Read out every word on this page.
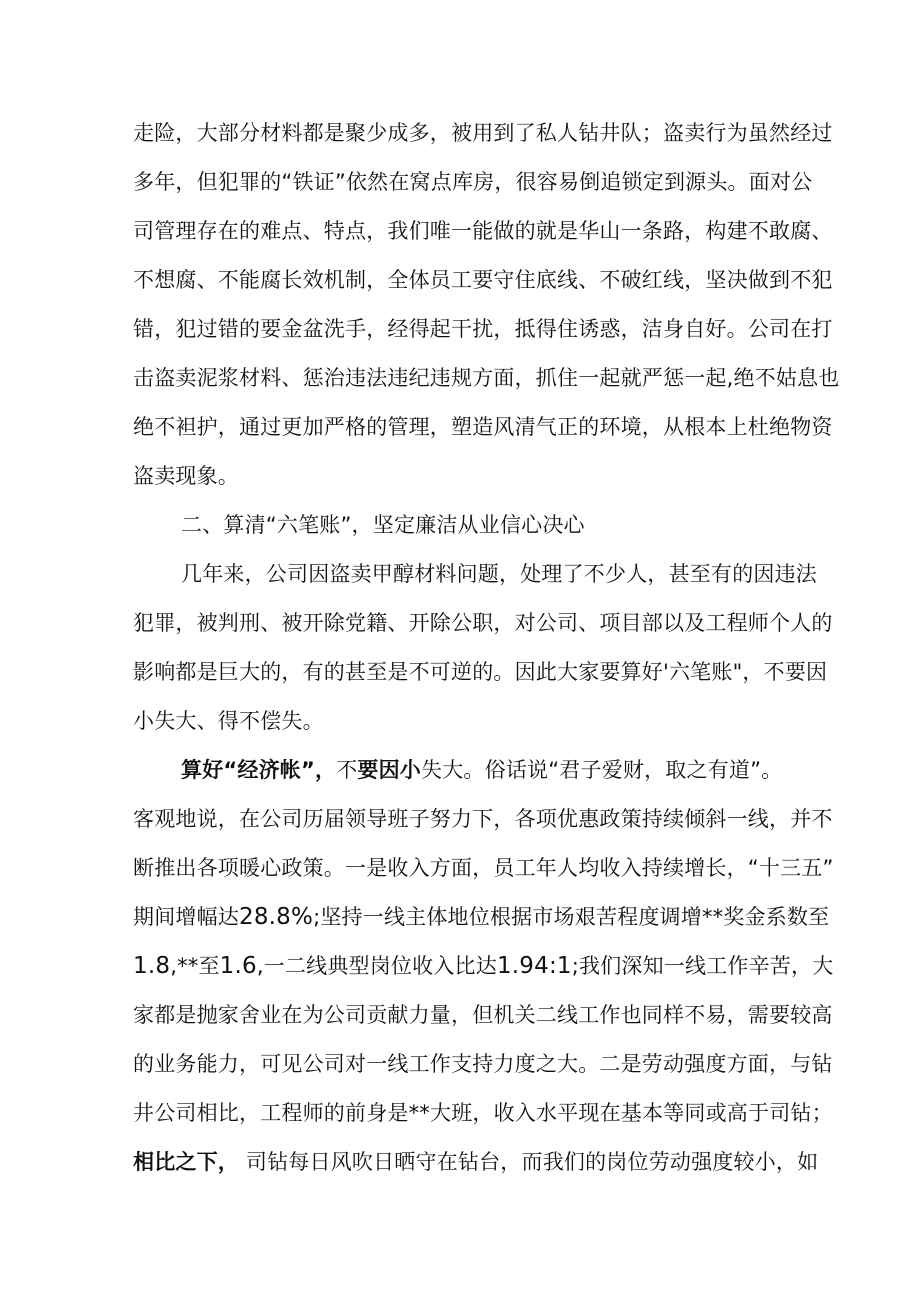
走险，大部分材料都是聚少成多，被用到了私人钻井队；盗卖行为虽然经过
多年，但犯罪的“铁证”依然在窝点库房，很容易倒追锁定到源头。面对公
司管理存在的难点、特点，我们唯一能做的就是华山一条路，构建不敢腐、
不想腐、不能腐长效机制，全体员工要守住底线、不破红线，坚决做到不犯
错，犯过错的要金盆洗手，经得起干扰，抵得住诱惑，洁身自好。公司在打
击盗卖泥浆材料、惩治违法违纪违规方面，抓住一起就严惩一起,绝不姑息也
绝不袒护，通过更加严格的管理，塑造风清气正的环境，从根本上杜绝物资
盗卖现象。
二、算清“六笔账”，坚定廉洁从业信心决心
几年来，公司因盗卖甲醇材料问题，处理了不少人，甚至有的因违法
犯罪，被判刑、被开除党籍、开除公职，对公司、项目部以及工程师个人的
影响都是巨大的，有的甚至是不可逆的。因此大家要算好'六笔账"，不要因
小失大、得不偿失。
算好“经济帐”，不要因小失大。俗话说“君子爱财，取之有道”。
客观地说，在公司历届领导班子努力下，各项优惠政策持续倾斜一线，并不
断推出各项暖心政策。一是收入方面，员工年人均收入持续增长，“十三五”
期间增幅达28.8%;坚持一线主体地位根据市场艰苦程度调增**奖金系数至
1.8,**至1.6,一二线典型岗位收入比达1.94:1;我们深知一线工作辛苦，大
家都是抛家舍业在为公司贡献力量，但机关二线工作也同样不易，需要较高
的业务能力，可见公司对一线工作支持力度之大。二是劳动强度方面，与钻
井公司相比，工程师的前身是**大班，收入水平现在基本等同或高于司钻；
相比之下， 司钻每日风吹日晒守在钻台，而我们的岗位劳动强度较小，如
